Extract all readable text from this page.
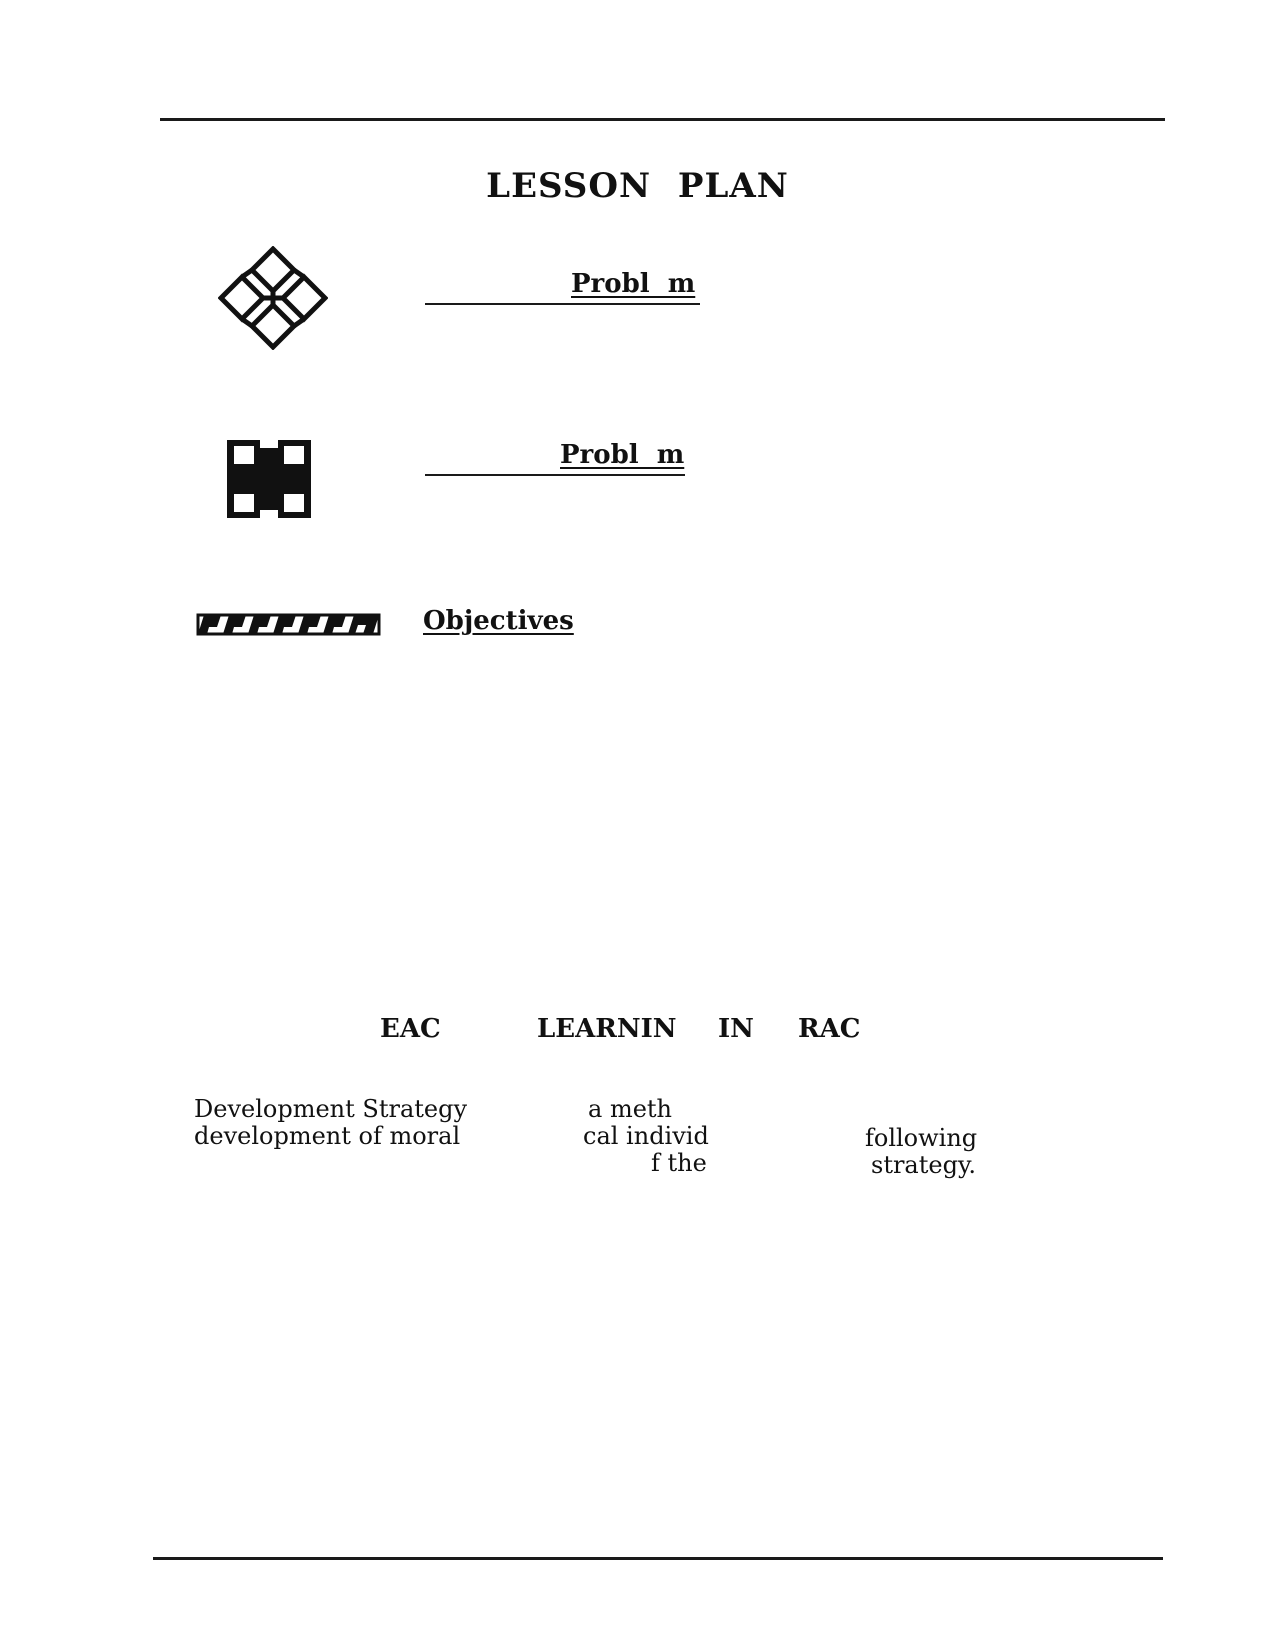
LESSON PLAN
Probl  m
Probl  m
Objectives
EAC	LEARNIN IN RAC
Development Strategy
development of moral
a meth
cal individ
f the
following
strategy.
